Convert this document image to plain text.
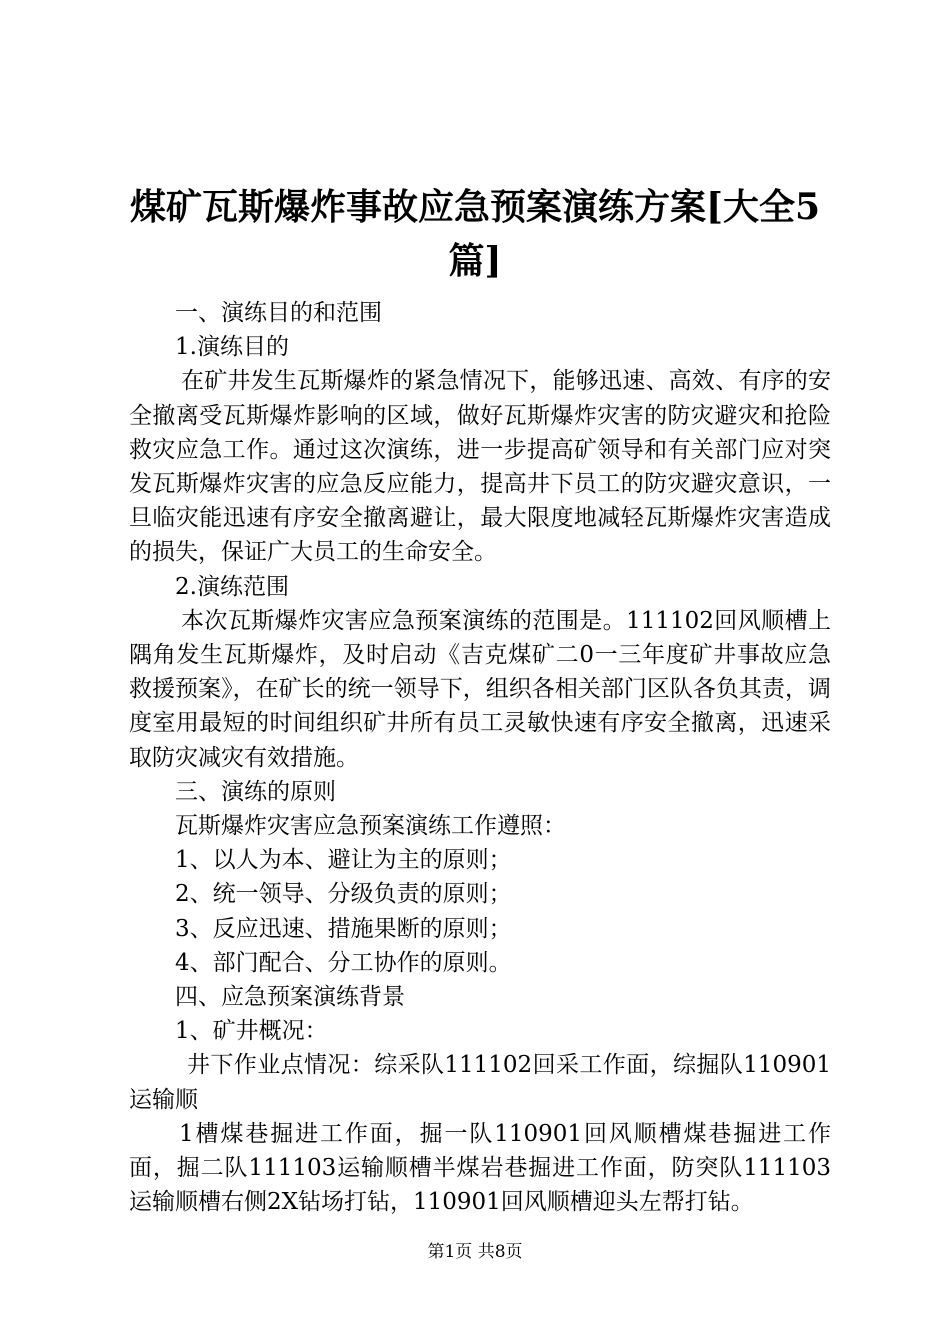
煤矿瓦斯爆炸事故应急预案演练方案[大全5篇]

一、演练目的和范围

1.演练目的

在矿井发生瓦斯爆炸的紧急情况下，能够迅速、高效、有序的安全撤离受瓦斯爆炸影响的区域，做好瓦斯爆炸灾害的防灾避灾和抢险救灾应急工作。通过这次演练，进一步提高矿领导和有关部门应对突发瓦斯爆炸灾害的应急反应能力，提高井下员工的防灾避灾意识，一旦临灾能迅速有序安全撤离避让，最大限度地减轻瓦斯爆炸灾害造成的损失，保证广大员工的生命安全。

2.演练范围

本次瓦斯爆炸灾害应急预案演练的范围是。111102回风顺槽上隅角发生瓦斯爆炸，及时启动《吉克煤矿二0一三年度矿井事故应急救援预案》，在矿长的统一领导下，组织各相关部门区队各负其责，调度室用最短的时间组织矿井所有员工灵敏快速有序安全撤离，迅速采取防灾减灾有效措施。

三、演练的原则

瓦斯爆炸灾害应急预案演练工作遵照：

1、以人为本、避让为主的原则；

2、统一领导、分级负责的原则；

3、反应迅速、措施果断的原则；

4、部门配合、分工协作的原则。

四、应急预案演练背景

1、矿井概况：

井下作业点情况：综采队111102回采工作面，综掘队110901运输顺

1槽煤巷掘进工作面，掘一队110901回风顺槽煤巷掘进工作面，掘二队111103运输顺槽半煤岩巷掘进工作面，防突队111103运输顺槽右侧2X钻场打钻，110901回风顺槽迎头左帮打钻。

第1页 共8页
